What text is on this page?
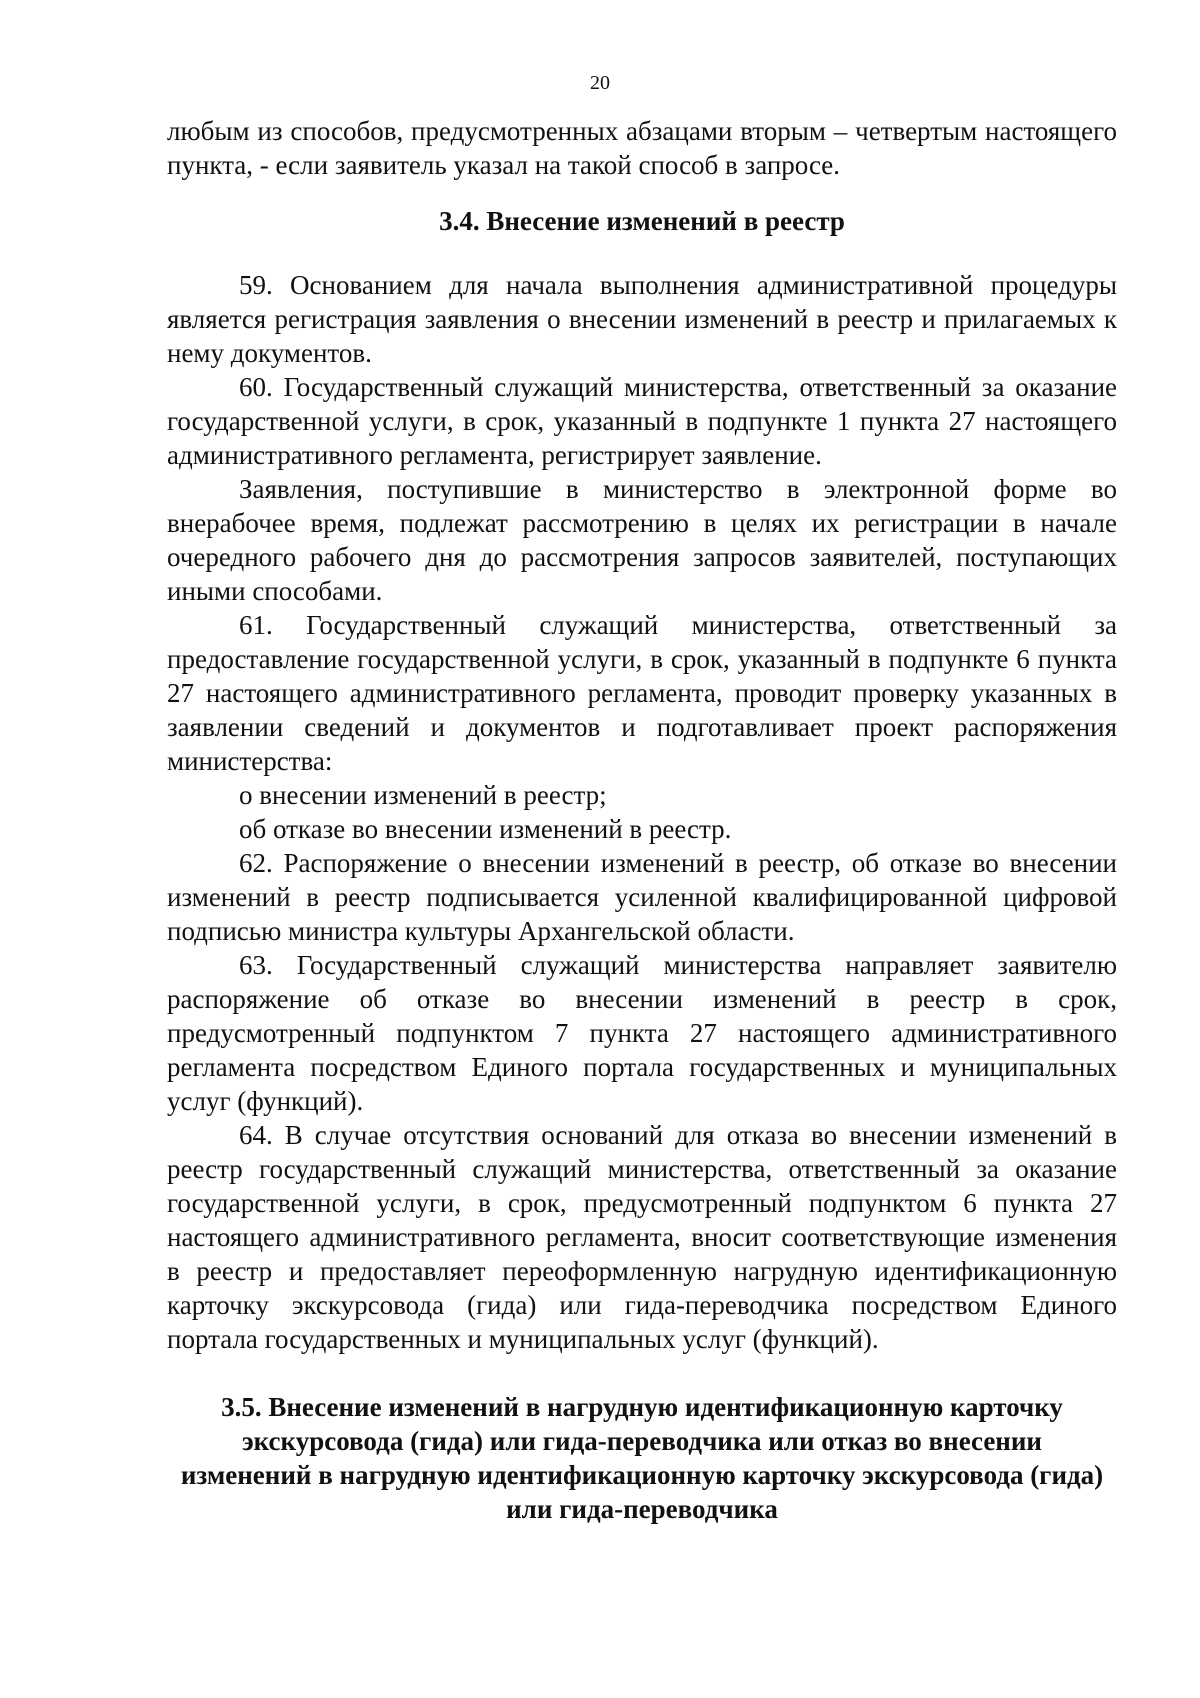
20

любым из способов, предусмотренных абзацами вторым – четвертым настоящего пункта, - если заявитель указал на такой способ в запросе.

3.4. Внесение изменений в реестр

59. Основанием для начала выполнения административной процедуры является регистрация заявления о внесении изменений в реестр и прилагаемых к нему документов.

60. Государственный служащий министерства, ответственный за оказание государственной услуги, в срок, указанный в подпункте 1 пункта 27 настоящего административного регламента, регистрирует заявление.

Заявления, поступившие в министерство в электронной форме во внерабочее время, подлежат рассмотрению в целях их регистрации в начале очередного рабочего дня до рассмотрения запросов заявителей, поступающих иными способами.

61. Государственный служащий министерства, ответственный за предоставление государственной услуги, в срок, указанный в подпункте 6 пункта 27 настоящего административного регламента, проводит проверку указанных в заявлении сведений и документов и подготавливает проект распоряжения министерства:

о внесении изменений в реестр;

об отказе во внесении изменений в реестр.

62. Распоряжение о внесении изменений в реестр, об отказе во внесении изменений в реестр подписывается усиленной квалифицированной цифровой подписью министра культуры Архангельской области.

63. Государственный служащий министерства направляет заявителю распоряжение об отказе во внесении изменений в реестр в срок, предусмотренный подпунктом 7 пункта 27 настоящего административного регламента посредством Единого портала государственных и муниципальных услуг (функций).

64. В случае отсутствия оснований для отказа во внесении изменений в реестр государственный служащий министерства, ответственный за оказание государственной услуги, в срок, предусмотренный подпунктом 6 пункта 27 настоящего административного регламента, вносит соответствующие изменения в реестр и предоставляет переоформленную нагрудную идентификационную карточку экскурсовода (гида) или гида-переводчика посредством Единого портала государственных и муниципальных услуг (функций).

3.5. Внесение изменений в нагрудную идентификационную карточку экскурсовода (гида) или гида-переводчика или отказ во внесении изменений в нагрудную идентификационную карточку экскурсовода (гида) или гида-переводчика
